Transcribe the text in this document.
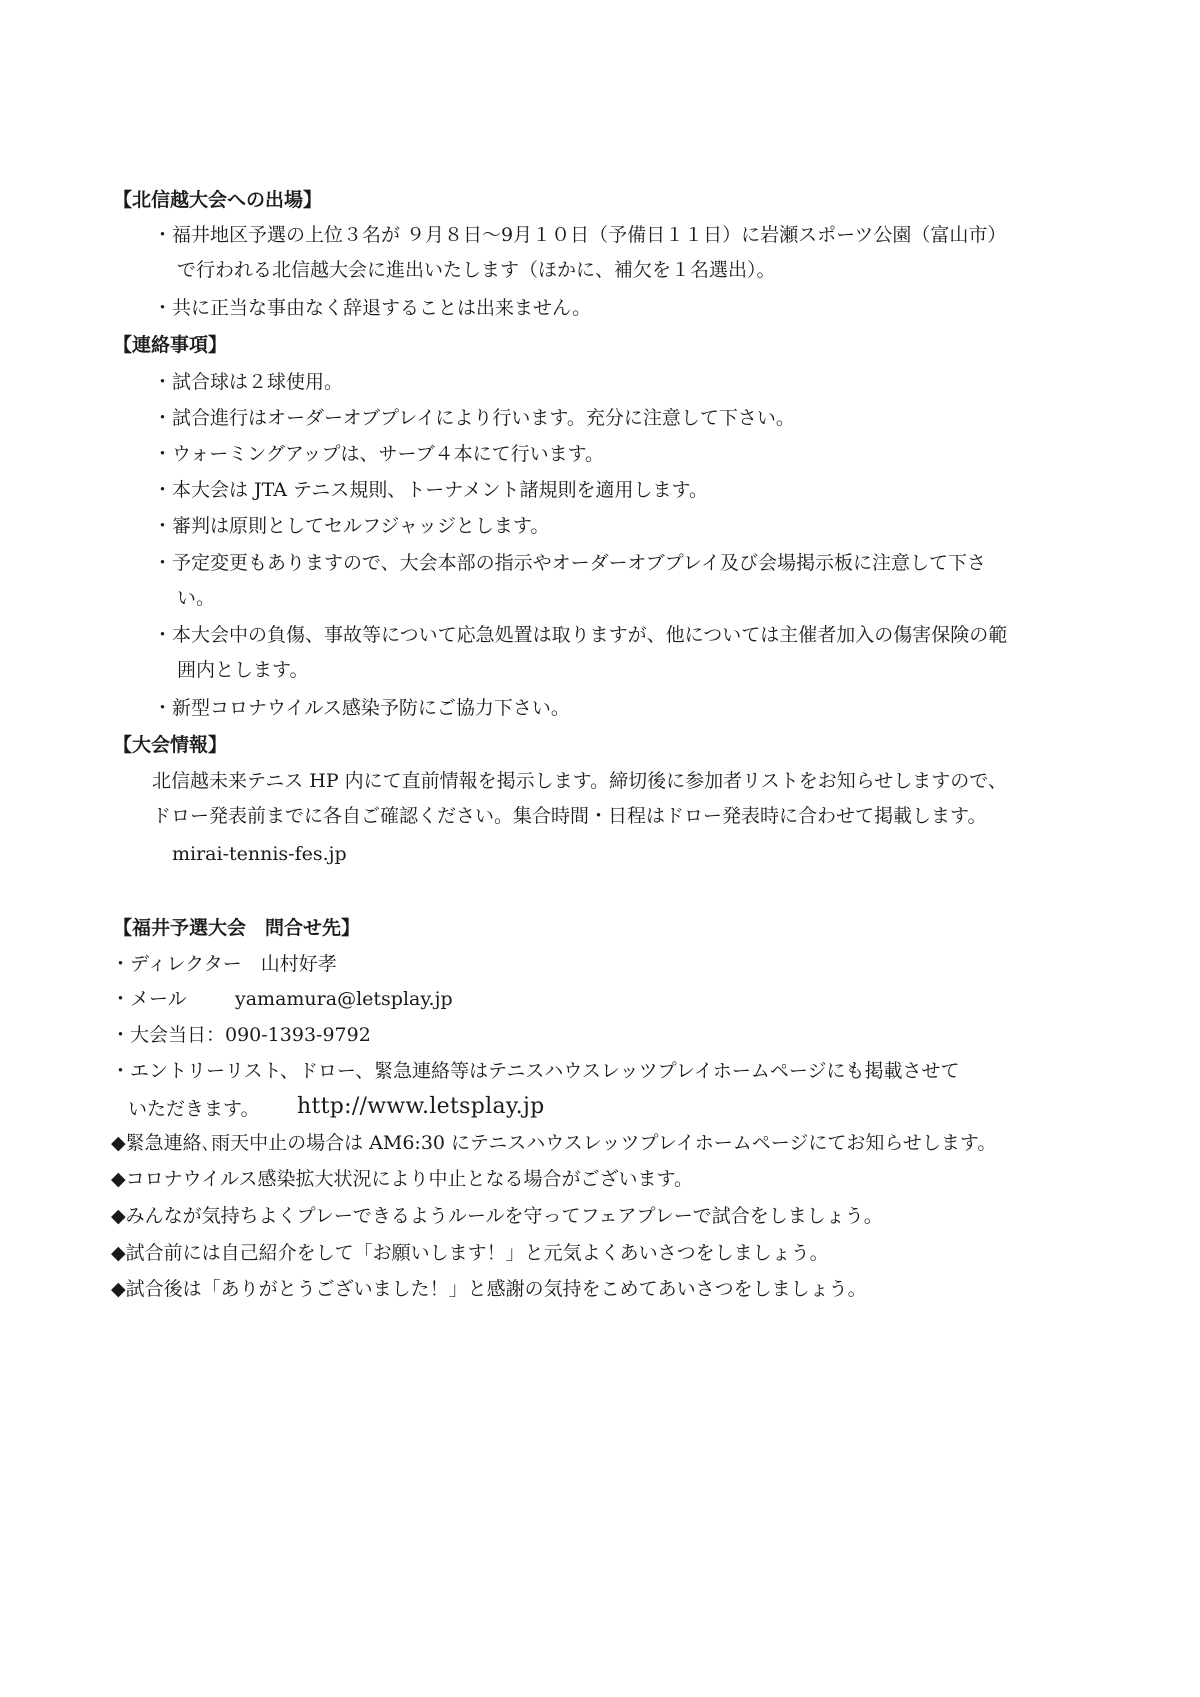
【北信越大会への出場】
・福井地区予選の上位３名が ９月８日～9月１０日（予備日１１日）に岩瀬スポーツ公園（富山市）
で行われる北信越大会に進出いたします（ほかに、補欠を１名選出）。
・共に正当な事由なく辞退することは出来ません。
【連絡事項】
・試合球は２球使用。
・試合進行はオーダーオブプレイにより行います。充分に注意して下さい。
・ウォーミングアップは、サーブ４本にて行います。
・本大会は JTA テニス規則、トーナメント諸規則を適用します。
・審判は原則としてセルフジャッジとします。
・予定変更もありますので、大会本部の指示やオーダーオブプレイ及び会場掲示板に注意して下さ
い。
・本大会中の負傷、事故等について応急処置は取りますが、他については主催者加入の傷害保険の範
囲内とします。
・新型コロナウイルス感染予防にご協力下さい。
【大会情報】
北信越未来テニス HP 内にて直前情報を掲示します。締切後に参加者リストをお知らせしますので、
ドロー発表前までに各自ご確認ください。集合時間・日程はドロー発表時に合わせて掲載します。
mirai-tennis-fes.jp
【福井予選大会　問合せ先】
・ディレクター　山村好孝
・メール	yamamura@letsplay.jp
・大会当日：090-1393-9792
・エントリーリスト、ドロー、緊急連絡等はテニスハウスレッツプレイホームページにも掲載させて
いただきます。 http://www.letsplay.jp
◆緊急連絡､雨天中止の場合は AM6:30 にテニスハウスレッツプレイホームページにてお知らせします。
◆コロナウイルス感染拡大状況により中止となる場合がございます。
◆みんなが気持ちよくプレーできるようルールを守ってフェアプレーで試合をしましょう。
◆試合前には自己紹介をして「お願いします！」と元気よくあいさつをしましょう。
◆試合後は「ありがとうございました！」と感謝の気持をこめてあいさつをしましょう。
